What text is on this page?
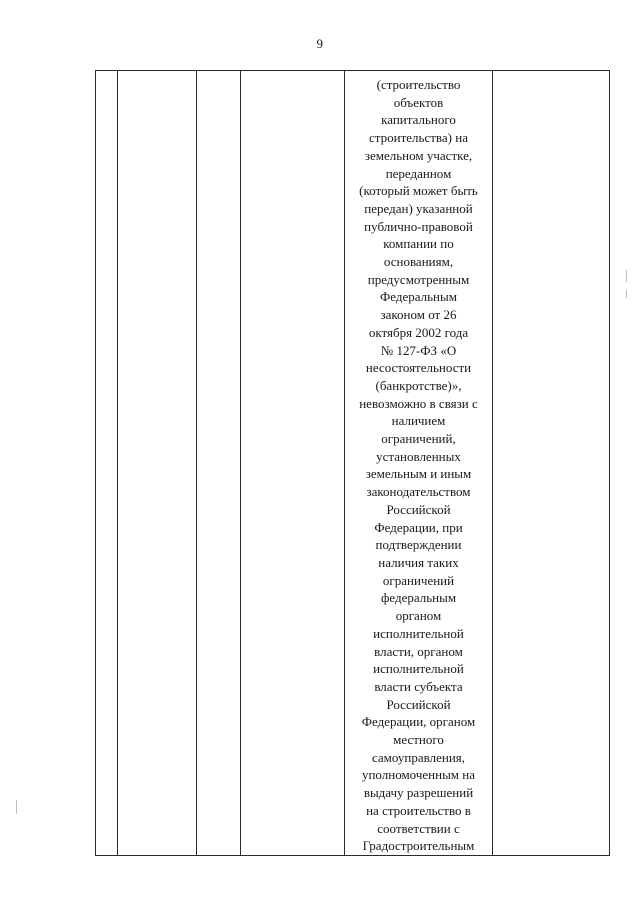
9

(строительство
объектов
капитального
строительства) на
земельном участке,
переданном
(который может быть
передан) указанной
публично-правовой
компании по
основаниям,
предусмотренным
Федеральным
законом от 26
октября 2002 года
№ 127-ФЗ «О
несостоятельности
(банкротстве)»,
невозможно в связи с
наличием
ограничений,
установленных
земельным и иным
законодательством
Российской
Федерации, при
подтверждении
наличия таких
ограничений
федеральным
органом
исполнительной
власти, органом
исполнительной
власти субъекта
Российской
Федерации, органом
местного
самоуправления,
уполномоченным на
выдачу разрешений
на строительство в
соответствии с
Градостроительным
